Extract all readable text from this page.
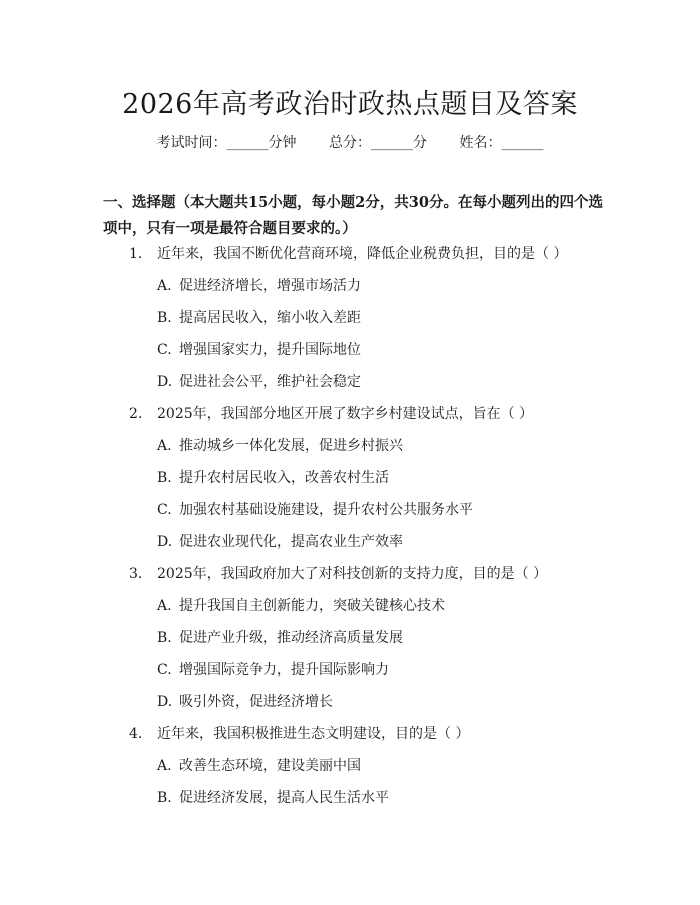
2026年高考政治时政热点题目及答案
考试时间：______分钟 总分：______分 姓名：______
一、选择题（本大题共15小题，每小题2分，共30分。在每小题列出的四个选项中，只有一项是最符合题目要求的。）
1. 近年来，我国不断优化营商环境，降低企业税费负担，目的是（ ）
A. 促进经济增长，增强市场活力
B. 提高居民收入，缩小收入差距
C. 增强国家实力，提升国际地位
D. 促进社会公平，维护社会稳定
2. 2025年，我国部分地区开展了数字乡村建设试点，旨在（ ）
A. 推动城乡一体化发展，促进乡村振兴
B. 提升农村居民收入，改善农村生活
C. 加强农村基础设施建设，提升农村公共服务水平
D. 促进农业现代化，提高农业生产效率
3. 2025年，我国政府加大了对科技创新的支持力度，目的是（ ）
A. 提升我国自主创新能力，突破关键核心技术
B. 促进产业升级，推动经济高质量发展
C. 增强国际竞争力，提升国际影响力
D. 吸引外资，促进经济增长
4. 近年来，我国积极推进生态文明建设，目的是（ ）
A. 改善生态环境，建设美丽中国
B. 促进经济发展，提高人民生活水平
